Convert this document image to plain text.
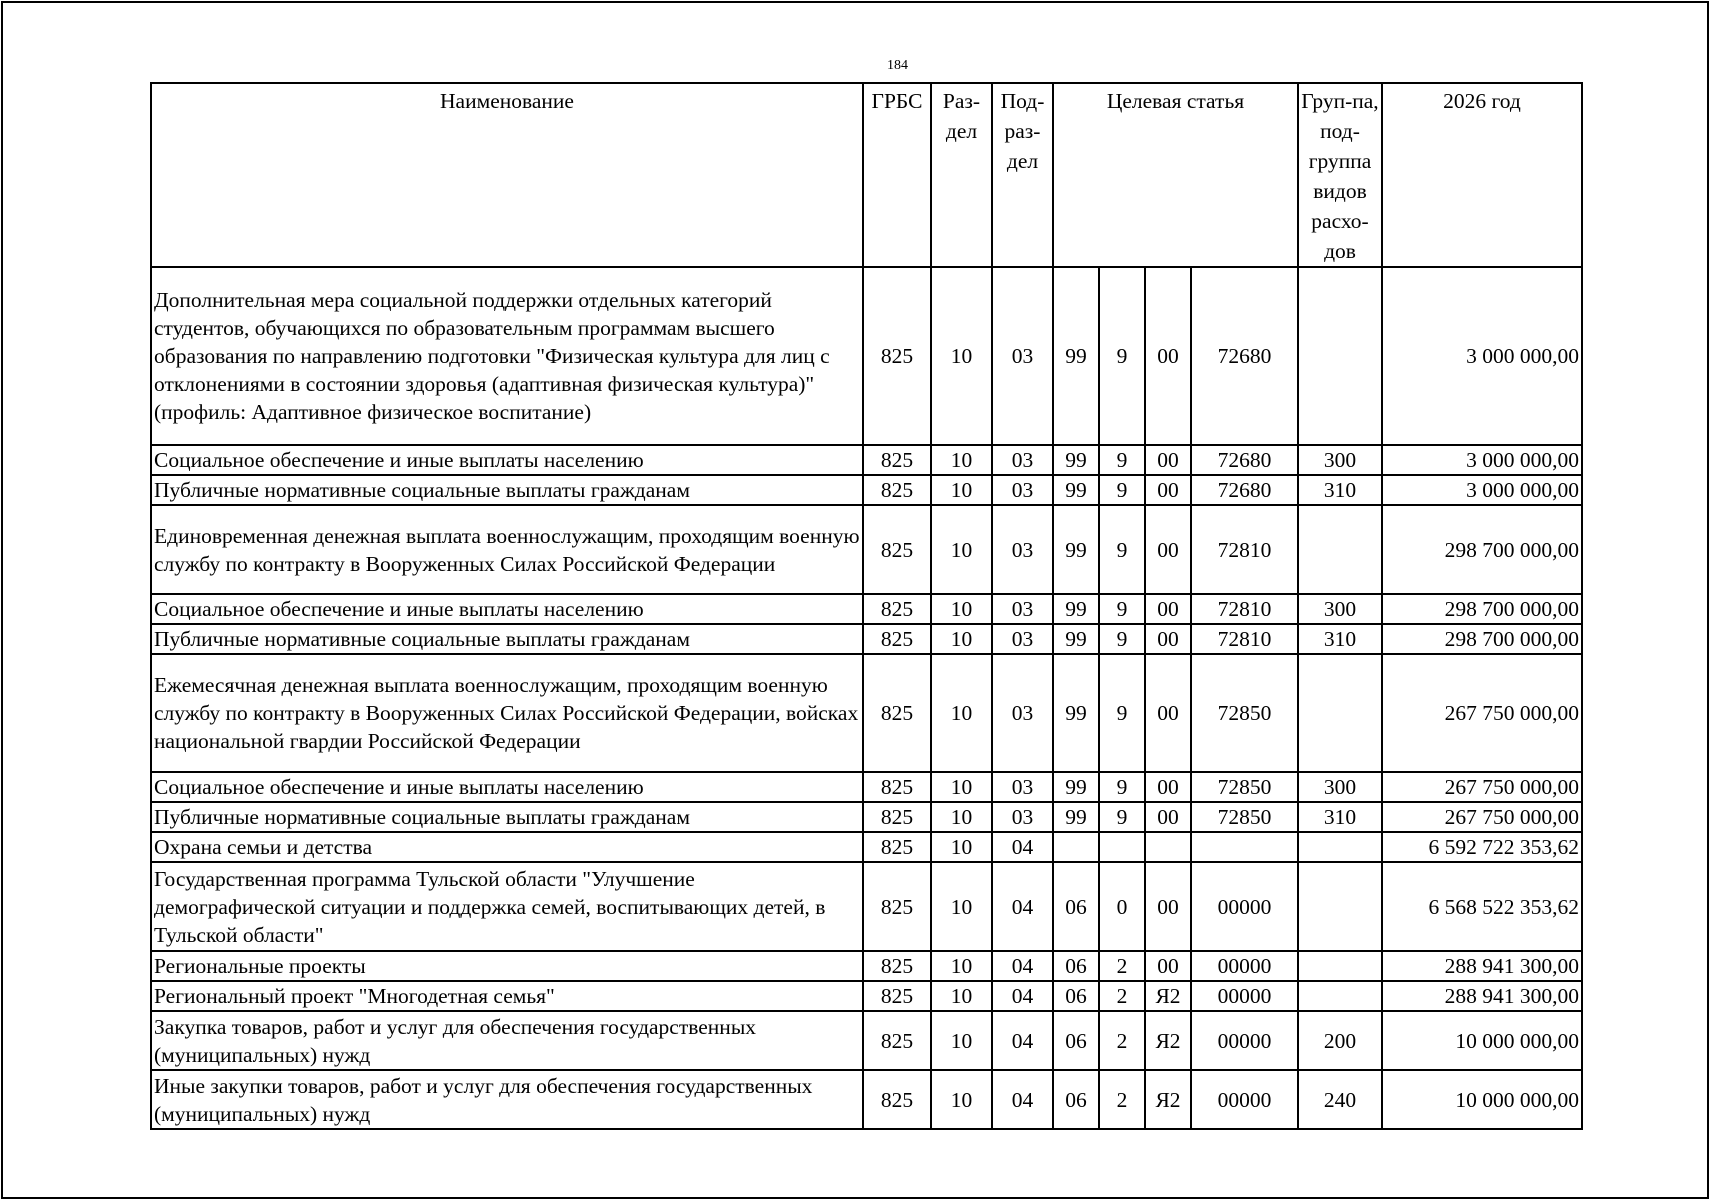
184
Наименование	ГРБС	Раз-дел	Под-раз-дел	Целевая статья				Груп-па, под-группа видов расхо-дов	2026 год
Дополнительная мера социальной поддержки отдельных категорий студентов, обучающихся по образовательным программам высшего образования по направлению подготовки "Физическая культура для лиц с отклонениями в состоянии здоровья (адаптивная физическая культура)" (профиль: Адаптивное физическое воспитание)	825	10	03	99	9	00	72680		3 000 000,00
Социальное обеспечение и иные выплаты населению	825	10	03	99	9	00	72680	300	3 000 000,00
Публичные нормативные социальные выплаты гражданам	825	10	03	99	9	00	72680	310	3 000 000,00
Единовременная денежная выплата военнослужащим, проходящим военную службу по контракту в Вооруженных Силах Российской Федерации	825	10	03	99	9	00	72810		298 700 000,00
Социальное обеспечение и иные выплаты населению	825	10	03	99	9	00	72810	300	298 700 000,00
Публичные нормативные социальные выплаты гражданам	825	10	03	99	9	00	72810	310	298 700 000,00
Ежемесячная денежная выплата военнослужащим, проходящим военную службу по контракту в Вооруженных Силах Российской Федерации, войсках национальной гвардии Российской Федерации	825	10	03	99	9	00	72850		267 750 000,00
Социальное обеспечение и иные выплаты населению	825	10	03	99	9	00	72850	300	267 750 000,00
Публичные нормативные социальные выплаты гражданам	825	10	03	99	9	00	72850	310	267 750 000,00
Охрана семьи и детства	825	10	04						6 592 722 353,62
Государственная программа Тульской области "Улучшение демографической ситуации и поддержка семей, воспитывающих детей, в Тульской области"	825	10	04	06	0	00	00000		6 568 522 353,62
Региональные проекты	825	10	04	06	2	00	00000		288 941 300,00
Региональный проект "Многодетная семья"	825	10	04	06	2	Я2	00000		288 941 300,00
Закупка товаров, работ и услуг для обеспечения государственных (муниципальных) нужд	825	10	04	06	2	Я2	00000	200	10 000 000,00
Иные закупки товаров, работ и услуг для обеспечения государственных (муниципальных) нужд	825	10	04	06	2	Я2	00000	240	10 000 000,00
